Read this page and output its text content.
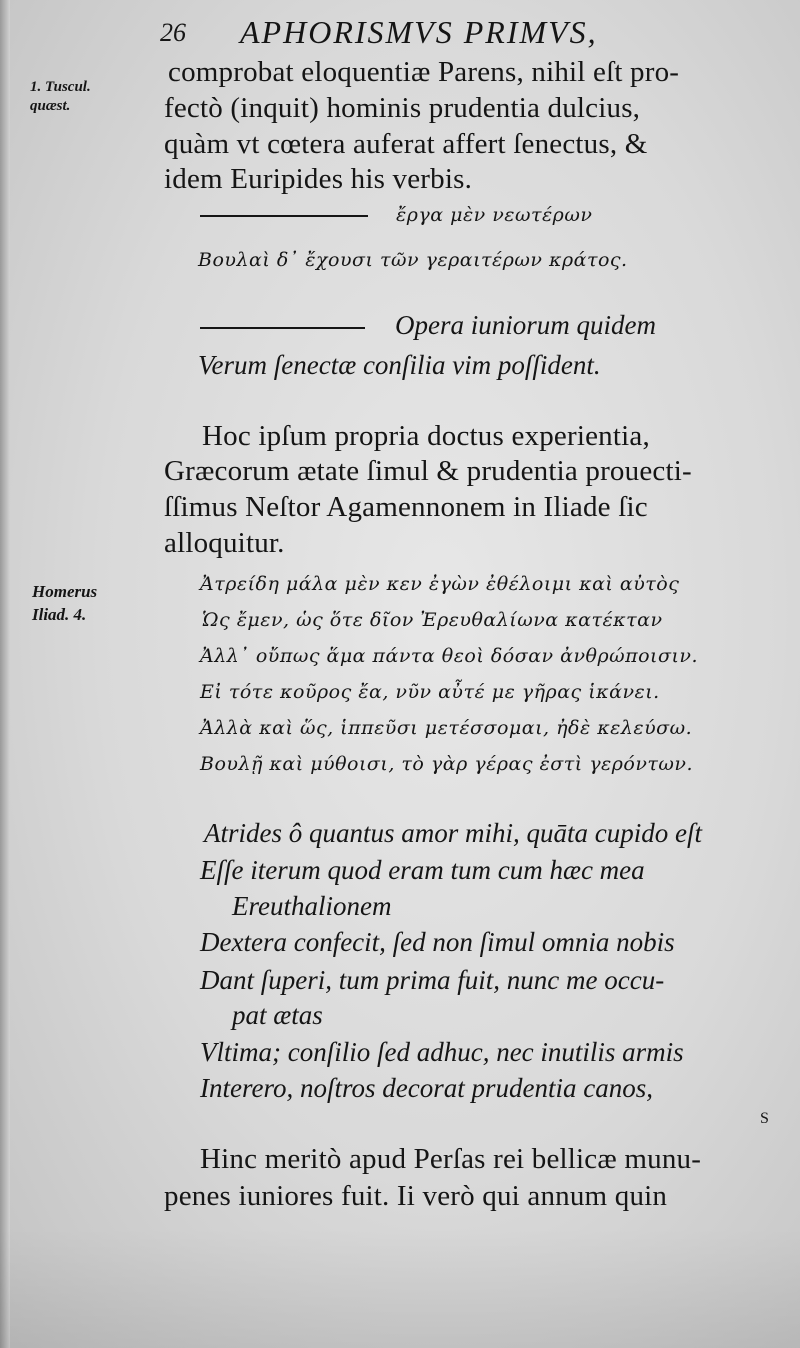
26 APHORISMVS PRIMVS,
1. Tuscul.
quæst.
Homerus
Iliad. 4.
comprobat eloquentiæ Parens, nihil eſt pro-
fectò (inquit) hominis prudentia dulcius,
quàm vt cœtera auferat affert ſenectus, &
idem Euripides his verbis.
ἔργα μὲν νεωτέρων
Βουλαὶ δ᾽ ἔχουσι τῶν γεραιτέρων κράτος.
Opera iuniorum quidem
Verum ſenectæ conſilia vim poſſident.
Hoc ipſum propria doctus experientia,
Græcorum ætate ſimul & prudentia prouecti-
ſſimus Neſtor Agamennonem in Iliade ſic
alloquitur.
Ἀτρείδη μάλα μὲν κεν ἐγὼν ἐθέλοιμι καὶ αὐτὸς
Ὡς ἔμεν, ὡς ὅτε δῖον Ἐρευθαλίωνα κατέκταν
Ἀλλ᾽ οὔπως ἅμα πάντα θεοὶ δόσαν ἀνθρώποισιν.
Εἰ τότε κοῦρος ἔα, νῦν αὖτέ με γῆρας ἱκάνει.
Ἀλλὰ καὶ ὥς, ἱππεῦσι μετέσσομαι, ἠδὲ κελεύσω.
Βουλῇ καὶ μύθοισι, τὸ γὰρ γέρας ἐστὶ γερόντων.
Atrides ô quantus amor mihi, quāta cupido eſt
Eſſe iterum quod eram tum cum hæc mea
Ereuthalionem
Dextera confecit, ſed non ſimul omnia nobis
Dant ſuperi, tum prima fuit, nunc me occu-
pat ætas
Vltima; conſilio ſed adhuc, nec inutilis armis
Interero, noſtros decorat prudentia canos,
S
Hinc meritò apud Perſas rei bellicæ munu-
penes iuniores fuit. Ii verò qui annum quin
